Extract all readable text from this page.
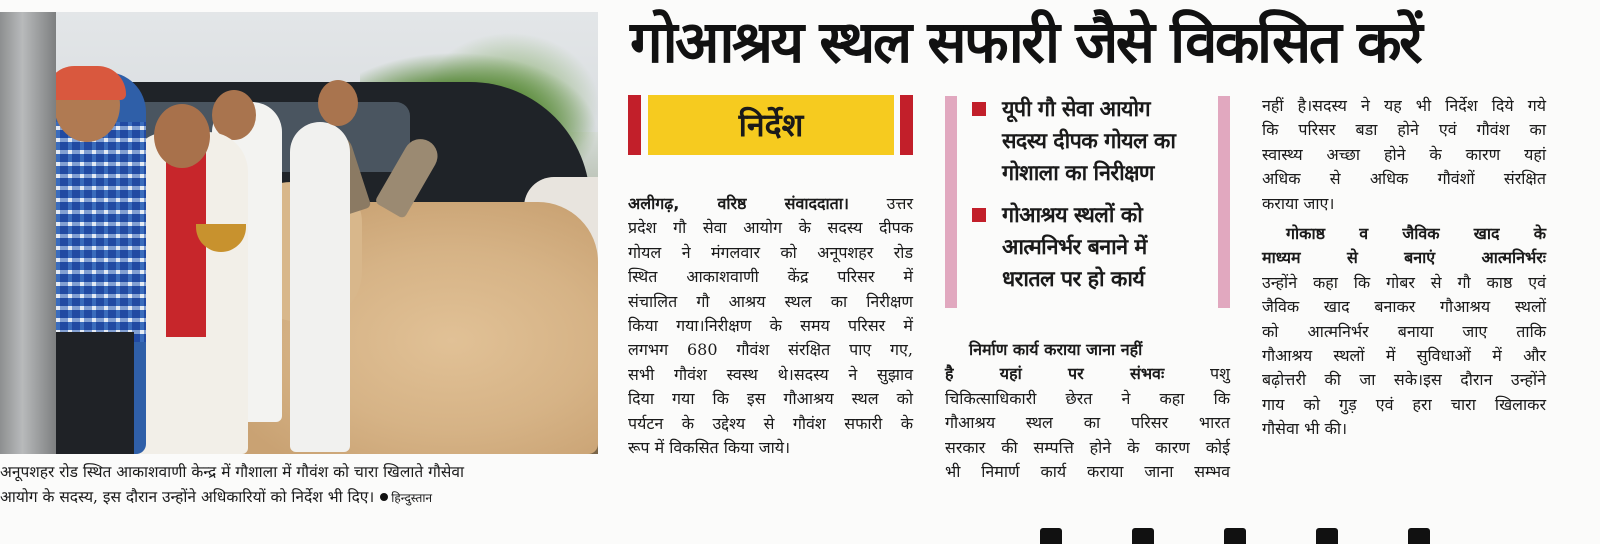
अनूपशहर रोड स्थित आकाशवाणी केन्द्र में गौशाला में गौवंश को चारा खिलाते गौसेवा
आयोग के सदस्य, इस दौरान उन्होंने अधिकारियों को निर्देश भी दिए। हिन्दुस्तान
गोआश्रय स्थल सफारी जैसे विकसित करें
निर्देश	यूपी गौ सेवा आयोग
सदस्य दीपक गोयल का
गोशाला का निरीक्षण
गोआश्रय स्थलों को
आत्मनिर्भर बनाने में
धरातल पर हो कार्य
अलीगढ़, वरिष्ठ संवाददाता। उत्तर
प्रदेश गौ सेवा आयोग के सदस्य दीपक
गोयल ने मंगलवार को अनूपशहर रोड
स्थित आकाशवाणी केंद्र परिसर में
संचालित गौ आश्रय स्थल का निरीक्षण
किया गया।निरीक्षण के समय परिसर में
लगभग 680 गौवंश संरक्षित पाए गए,
सभी गौवंश स्वस्थ थे।सदस्य ने सुझाव
दिया गया कि इस गौआश्रय स्थल को
पर्यटन के उद्देश्य से गौवंश सफारी के
रूप में विकसित किया जाये।
निर्माण कार्य कराया जाना नहीं
है यहां पर संभवः	पशु
चिकित्साधिकारी छेरत ने कहा कि
गौआश्रय स्थल का परिसर भारत
सरकार की सम्पत्ति होने के कारण कोई
भी निमार्ण कार्य कराया जाना सम्भव
नहीं है।सदस्य ने यह भी निर्देश दिये गये
कि परिसर बडा होने एवं गौवंश का
स्वास्थ्य अच्छा होने के कारण यहां
अधिक से अधिक गौवंशों संरक्षित
कराया जाए।
गोकाष्ठ व जैविक खाद के
माध्यम से बनाएं आत्मनिर्भरः
उन्होंने कहा कि गोबर से गौ काष्ठ एवं
जैविक खाद बनाकर गौआश्रय स्थलों
को आत्मनिर्भर बनाया जाए ताकि
गौआश्रय स्थलों में सुविधाओं में और
बढ़ोत्तरी की जा सके।इस दौरान उन्होंने
गाय को गुड़ एवं हरा चारा खिलाकर
गौसेवा भी की।
